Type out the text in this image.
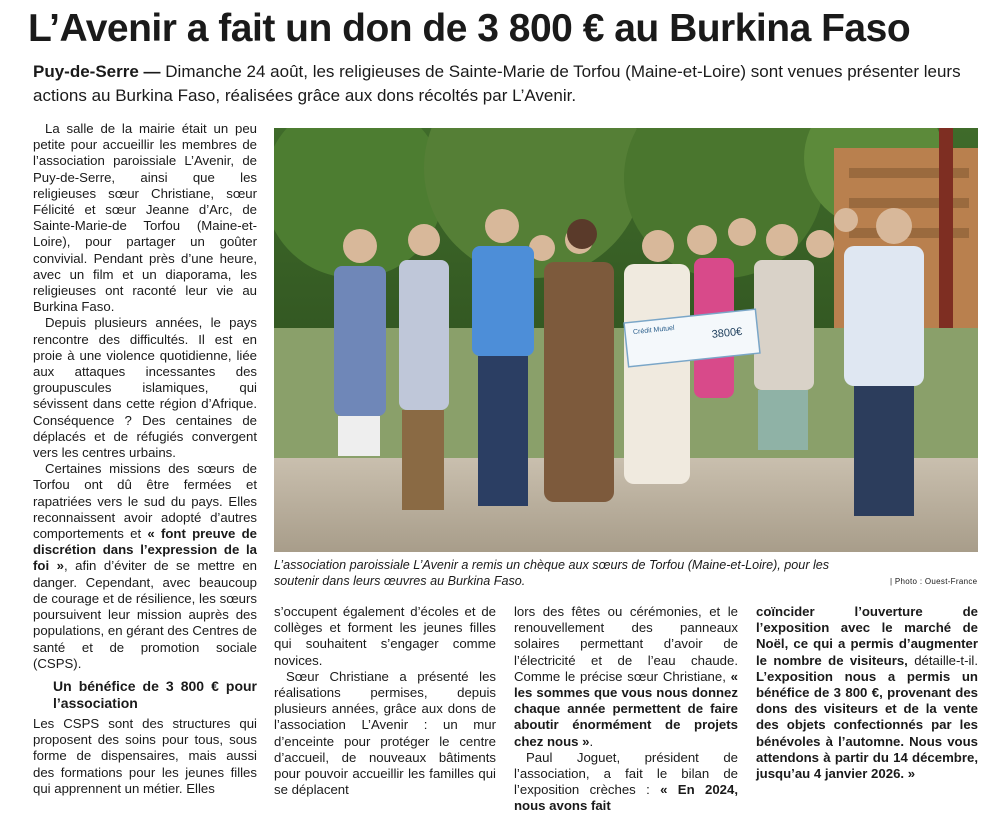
L’Avenir a fait un don de 3 800 € au Burkina Faso

Puy-de-Serre — Dimanche 24 août, les religieuses de Sainte-Marie de Torfou (Maine-et-Loire) sont venues présenter leurs actions au Burkina Faso, réalisées grâce aux dons récoltés par L’Avenir.

La salle de la mairie était un peu petite pour accueillir les membres de l’association paroissiale L’Avenir, de Puy-de-Serre, ainsi que les religieuses sœur Christiane, sœur Félicité et sœur Jeanne d’Arc, de Sainte-Marie-de Torfou (Maine-et-Loire), pour partager un goûter convivial. Pendant près d’une heure, avec un film et un diaporama, les religieuses ont raconté leur vie au Burkina Faso.

Depuis plusieurs années, le pays rencontre des difficultés. Il est en proie à une violence quotidienne, liée aux attaques incessantes des groupuscules islamiques, qui sévissent dans cette région d’Afrique. Conséquence ? Des centaines de déplacés et de réfugiés convergent vers les centres urbains.

Certaines missions des sœurs de Torfou ont dû être fermées et rapatriées vers le sud du pays. Elles reconnaissent avoir adopté d’autres comportements et « font preuve de discrétion dans l’expression de la foi », afin d’éviter de se mettre en danger. Cependant, avec beaucoup de courage et de résilience, les sœurs poursuivent leur mission auprès des populations, en gérant des Centres de santé et de promotion sociale (CSPS).

Un bénéfice de 3 800 € pour l’association

Les CSPS sont des structures qui proposent des soins pour tous, sous forme de dispensaires, mais aussi des formations pour les jeunes filles qui apprennent un métier. Elles

Crédit Mutuel	3800€

L’association paroissiale L’Avenir a remis un chèque aux sœurs de Torfou (Maine-et-Loire), pour les soutenir dans leurs œuvres au Burkina Faso.	| Photo : Ouest-France

s’occupent également d’écoles et de collèges et forment les jeunes filles qui souhaitent s’engager comme novices.

Sœur Christiane a présenté les réalisations permises, depuis plusieurs années, grâce aux dons de l’association L’Avenir : un mur d’enceinte pour protéger le centre d’accueil, de nouveaux bâtiments pour pouvoir accueillir les familles qui se déplacent

lors des fêtes ou cérémonies, et le renouvellement des panneaux solaires permettant d’avoir de l’électricité et de l’eau chaude. Comme le précise sœur Christiane, « les sommes que vous nous donnez chaque année permettent de faire aboutir énormément de projets chez nous ».

Paul Joguet, président de l’association, a fait le bilan de l’exposition crèches : « En 2024, nous avons fait

coïncider l’ouverture de l’exposition avec le marché de Noël, ce qui a permis d’augmenter le nombre de visiteurs, détaille-t-il. L’exposition nous a permis un bénéfice de 3 800 €, provenant des dons des visiteurs et de la vente des objets confectionnés par les bénévoles à l’automne. Nous vous attendons à partir du 14 décembre, jusqu’au 4 janvier 2026. »
